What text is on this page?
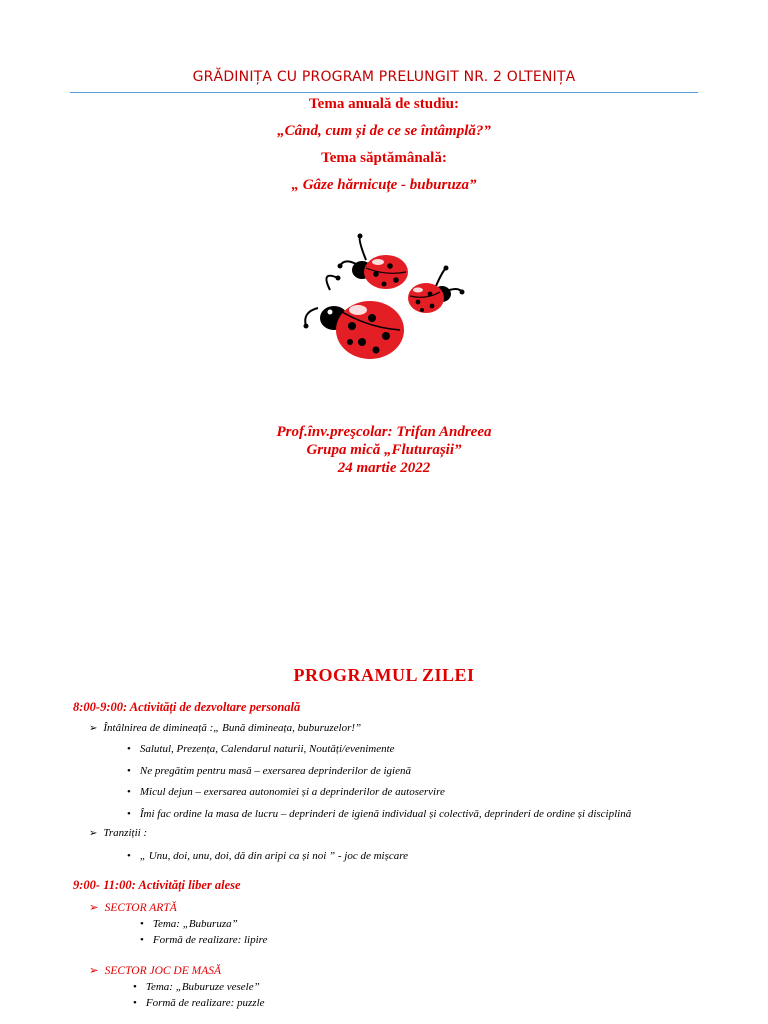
GRĂDINIȚA CU PROGRAM PRELUNGIT NR. 2 OLTENIȚA
Tema anuală de studiu:
„Când, cum și de ce se întâmplă?”
Tema săptămânală:
„ Gâze hărnicuțe - buburuza”
Prof.înv.preşcolar: Trifan Andreea
Grupa mică „Fluturașii”
24 martie 2022
PROGRAMUL ZILEI
8:00-9:00: Activități de dezvoltare personală
➢ Întâlnirea de dimineață :„ Bună dimineața, buburuzelor!”
• Salutul, Prezența, Calendarul naturii, Noutăți/evenimente
• Ne pregătim pentru masă – exersarea deprinderilor de igienă
• Micul dejun – exersarea autonomiei și a deprinderilor de autoservire
• Îmi fac ordine la masa de lucru – deprinderi de igienă individual și colectivă, deprinderi de ordine și disciplină
➢ Tranziții :
• „ Unu, doi, unu, doi, dă din aripi ca și noi ” - joc de mișcare
9:00- 11:00: Activități liber alese
➢ SECTOR ARTĂ
• Tema: „Buburuza”
• Formă de realizare: lipire
➢ SECTOR JOC DE MASĂ
• Tema: „Buburuze vesele”
• Formă de realizare: puzzle
